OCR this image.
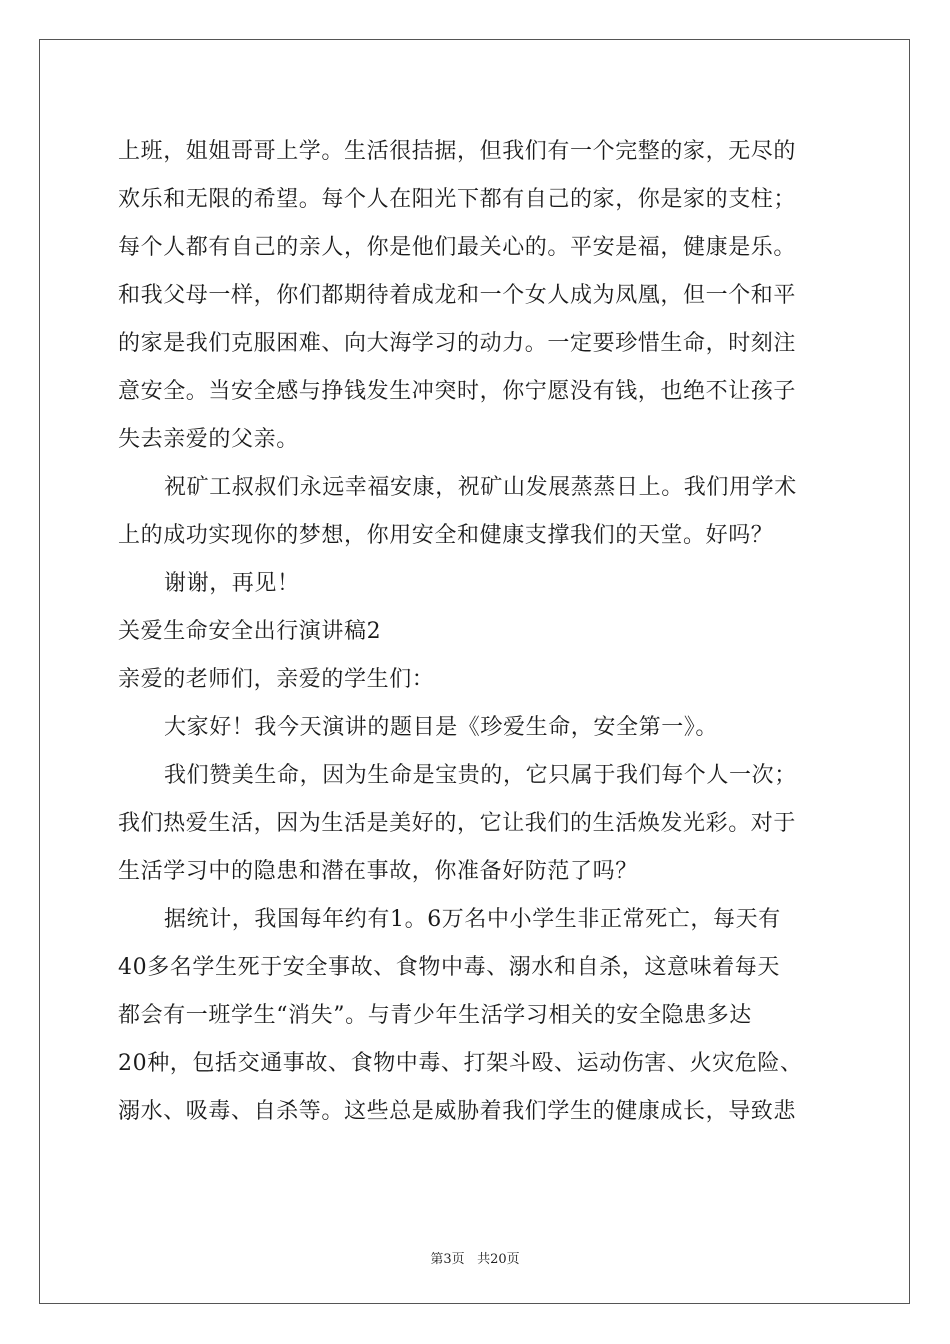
上班，姐姐哥哥上学。生活很拮据，但我们有一个完整的家，无尽的
欢乐和无限的希望。每个人在阳光下都有自己的家，你是家的支柱；
每个人都有自己的亲人，你是他们最关心的。平安是福，健康是乐。
和我父母一样，你们都期待着成龙和一个女人成为凤凰，但一个和平
的家是我们克服困难、向大海学习的动力。一定要珍惜生命，时刻注
意安全。当安全感与挣钱发生冲突时，你宁愿没有钱，也绝不让孩子
失去亲爱的父亲。
祝矿工叔叔们永远幸福安康，祝矿山发展蒸蒸日上。我们用学术
上的成功实现你的梦想，你用安全和健康支撑我们的天堂。好吗？
谢谢，再见！
关爱生命安全出行演讲稿2
亲爱的老师们，亲爱的学生们：
大家好！我今天演讲的题目是《珍爱生命，安全第一》。
我们赞美生命，因为生命是宝贵的，它只属于我们每个人一次；
我们热爱生活，因为生活是美好的，它让我们的生活焕发光彩。对于
生活学习中的隐患和潜在事故，你准备好防范了吗？
据统计，我国每年约有1。6万名中小学生非正常死亡，每天有
40多名学生死于安全事故、食物中毒、溺水和自杀，这意味着每天
都会有一班学生“消失”。与青少年生活学习相关的安全隐患多达
20种，包括交通事故、食物中毒、打架斗殴、运动伤害、火灾危险、
溺水、吸毒、自杀等。这些总是威胁着我们学生的健康成长，导致悲
第3页 共20页
